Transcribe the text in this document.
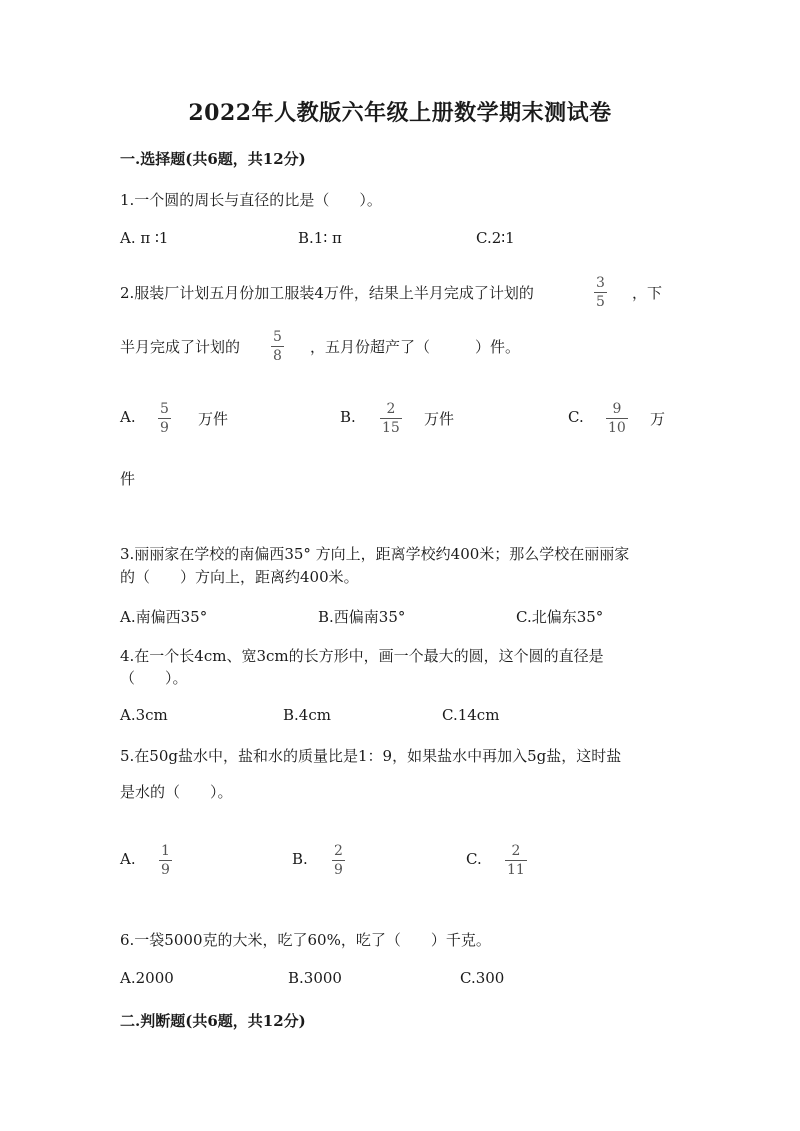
2022年人教版六年级上册数学期末测试卷
一.选择题(共6题，共12分)
1.一个圆的周长与直径的比是（　　）。
A. π ∶1	B.1∶ π	C.2∶1
2.服装厂计划五月份加工服装4万件，结果上半月完成了计划的	$\frac{3}{5}$ ，下
半月完成了计划的 $\frac{5}{8}$ ，五月份超产了（　　　）件。
A. $\frac{5}{9}$ 万件	B. $\frac{2}{15}$ 万件	C. $\frac{9}{10}$ 万
件
3.丽丽家在学校的南偏西35° 方向上，距离学校约400米；那么学校在丽丽家
的（　　）方向上，距离约400米。
A.南偏西35°	B.西偏南35°	C.北偏东35°
4.在一个长4cm、宽3cm的长方形中，画一个最大的圆，这个圆的直径是
（　　）。
A.3cm	B.4cm	C.14cm
5.在50g盐水中，盐和水的质量比是1：9，如果盐水中再加入5g盐，这时盐
是水的（　　）。
A. $\frac{1}{9}$	B. $\frac{2}{9}$	C. $\frac{2}{11}$
6.一袋5000克的大米，吃了60%，吃了（　　）千克。
A.2000	B.3000	C.300
二.判断题(共6题，共12分)
